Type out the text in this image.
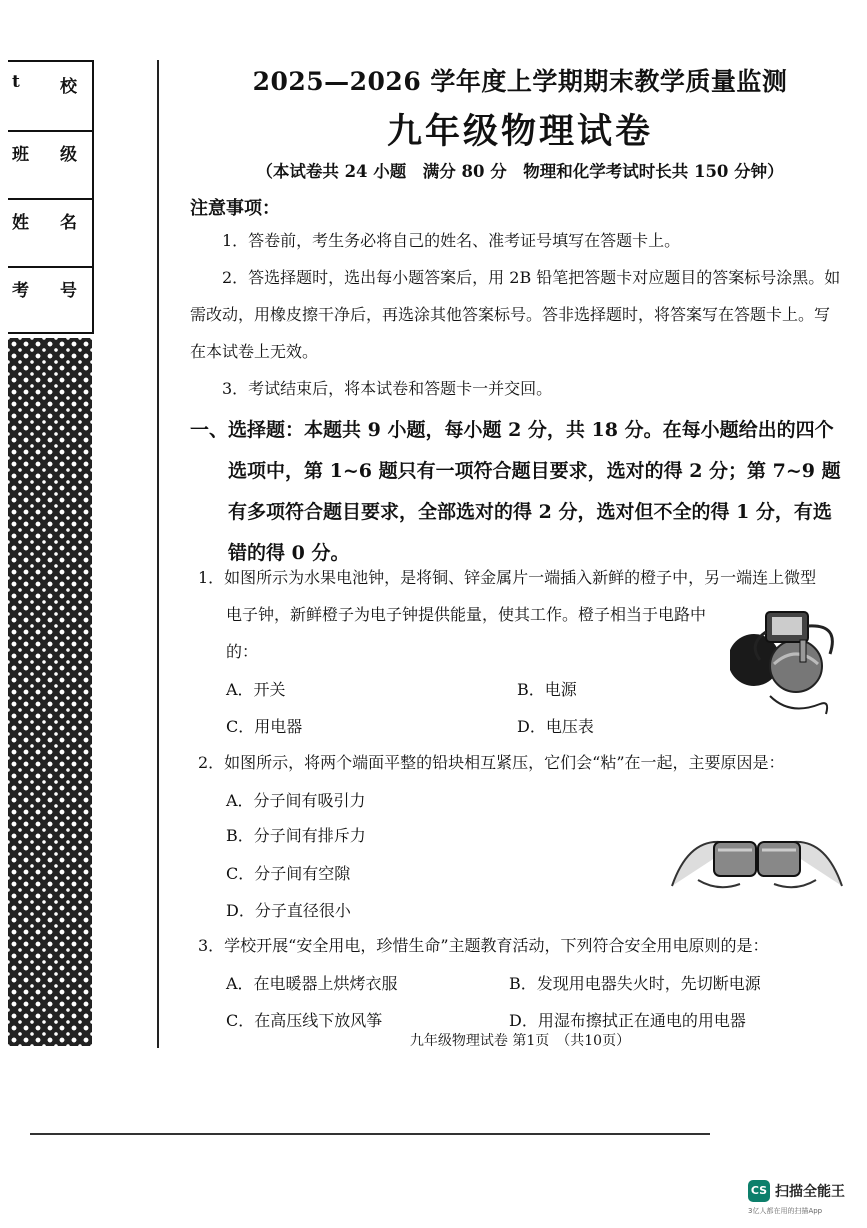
t 校
班 级
姓 名
考 号
2025—2026 学年度上学期期末教学质量监测
九年级物理试卷
（本试卷共 24 小题　满分 80 分　物理和化学考试时长共 150 分钟）
注意事项：
1．答卷前，考生务必将自己的姓名、准考证号填写在答题卡上。
2．答选择题时，选出每小题答案后，用 2B 铅笔把答题卡对应题目的答案标号涂黑。如需改动，用橡皮擦干净后，再选涂其他答案标号。答非选择题时，将答案写在答题卡上。写在本试卷上无效。
3．考试结束后，将本试卷和答题卡一并交回。
一、 选择题：本题共 9 小题，每小题 2 分，共 18 分。在每小题给出的四个选项中，第 1~6 题只有一项符合题目要求，选对的得 2 分；第 7~9 题有多项符合题目要求，全部选对的得 2 分，选对但不全的得 1 分，有选错的得 0 分。
1．如图所示为水果电池钟，是将铜、锌金属片一端插入新鲜的橙子中，另一端连上微型
电子钟，新鲜橙子为电子钟提供能量，使其工作。橙子相当于电路中
的：
A．开关	B．电源
C．用电器	D．电压表
2．如图所示，将两个端面平整的铅块相互紧压，它们会“粘”在一起，主要原因是：
A．分子间有吸引力
B．分子间有排斥力
C．分子间有空隙
D．分子直径很小
3．学校开展“安全用电，珍惜生命”主题教育活动，下列符合安全用电原则的是：
A．在电暖器上烘烤衣服	B．发现用电器失火时，先切断电源
C．在高压线下放风筝	D．用湿布擦拭正在通电的用电器
九年级物理试卷 第1页　（共10页）
CS 扫描全能王
3亿人都在用的扫描App
